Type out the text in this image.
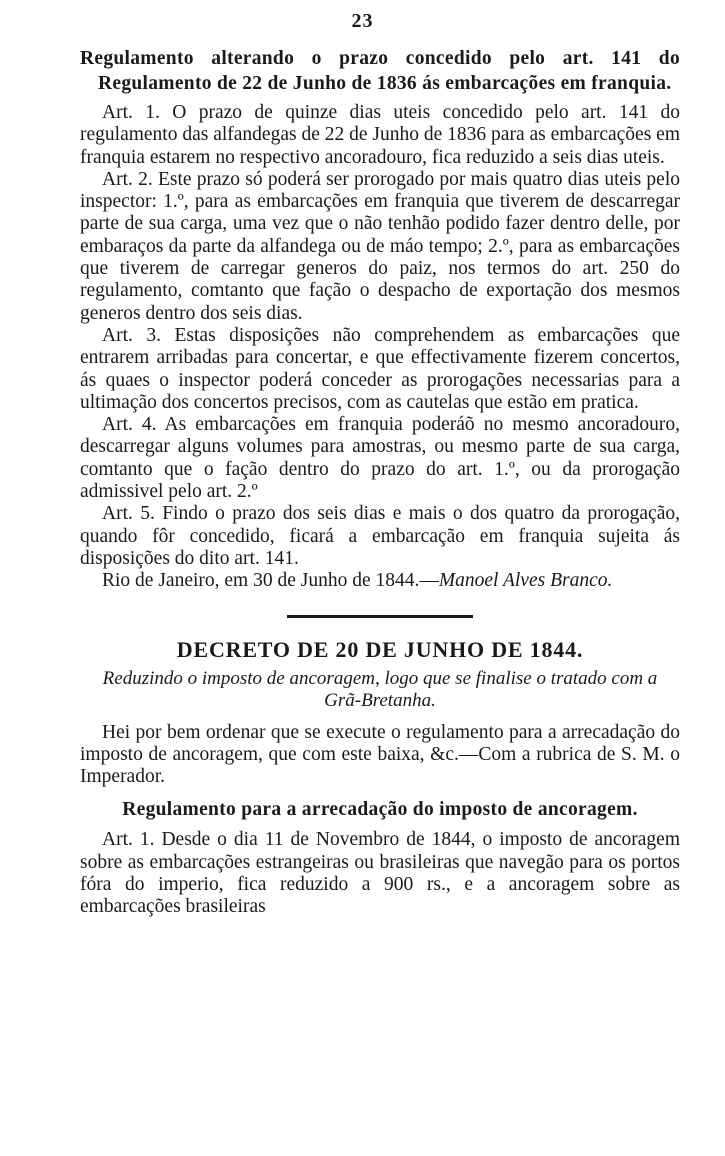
23

Regulamento alterando o prazo concedido pelo art. 141 do Regulamento de 22 de Junho de 1836 ás embarcações em franquia.

Art. 1. O prazo de quinze dias uteis concedido pelo art. 141 do regulamento das alfandegas de 22 de Junho de 1836 para as embarcações em franquia estarem no respectivo ancoradouro, fica reduzido a seis dias uteis.

Art. 2. Este prazo só poderá ser prorogado por mais quatro dias uteis pelo inspector: 1.º, para as embarcações em franquia que tiverem de descarregar parte de sua carga, uma vez que o não tenhão podido fazer dentro delle, por embaraços da parte da alfandega ou de máo tempo; 2.º, para as embarcações que tiverem de carregar generos do paiz, nos termos do art. 250 do regulamento, comtanto que fação o despacho de exportação dos mesmos generos dentro dos seis dias.

Art. 3. Estas disposições não comprehendem as embarcações que entrarem arribadas para concertar, e que effectivamente fizerem concertos, ás quaes o inspector poderá conceder as prorogações necessarias para a ultimação dos concertos precisos, com as cautelas que estão em pratica.

Art. 4. As embarcações em franquia poderáõ no mesmo ancoradouro, descarregar alguns volumes para amostras, ou mesmo parte de sua carga, comtanto que o fação dentro do prazo do art. 1.º, ou da prorogação admissivel pelo art. 2.º

Art. 5. Findo o prazo dos seis dias e mais o dos quatro da prorogação, quando fôr concedido, ficará a embarcação em franquia sujeita ás disposições do dito art. 141.

Rio de Janeiro, em 30 de Junho de 1844.—Manoel Alves Branco.

DECRETO DE 20 DE JUNHO DE 1844.

Reduzindo o imposto de ancoragem, logo que se finalise o tratado com a Grã-Bretanha.

Hei por bem ordenar que se execute o regulamento para a arrecadação do imposto de ancoragem, que com este baixa, &c.—Com a rubrica de S. M. o Imperador.

Regulamento para a arrecadação do imposto de ancoragem.

Art. 1. Desde o dia 11 de Novembro de 1844, o imposto de ancoragem sobre as embarcações estrangeiras ou brasileiras que navegão para os portos fóra do imperio, fica reduzido a 900 rs., e a ancoragem sobre as embarcações brasileiras
